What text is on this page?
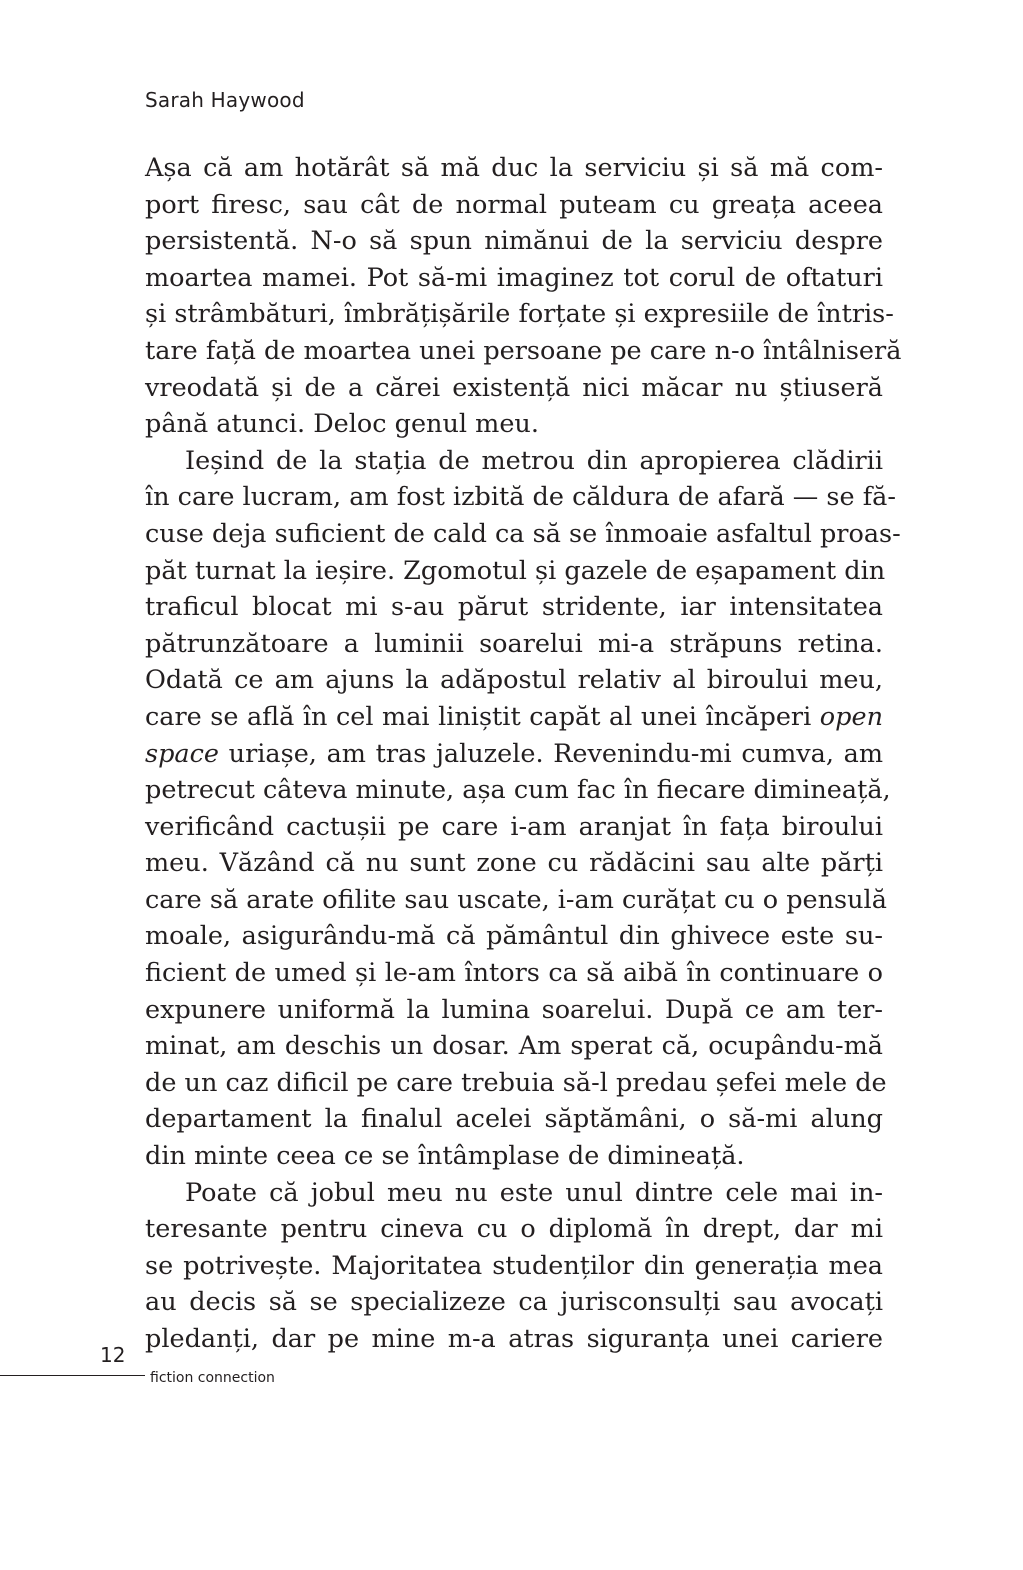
Sarah Haywood
Așa că am hotărât să mă duc la serviciu și să mă com-
port firesc, sau cât de normal puteam cu greața aceea
persistentă. N-o să spun nimănui de la serviciu despre
moartea mamei. Pot să-mi imaginez tot corul de oftaturi
și strâmbături, îmbrățișările forțate și expresiile de întris-
tare față de moartea unei persoane pe care n-o întâlniseră
vreodată și de a cărei existență nici măcar nu știuseră
până atunci. Deloc genul meu.
Ieșind de la stația de metrou din apropierea clădirii
în care lucram, am fost izbită de căldura de afară — se fă-
cuse deja suficient de cald ca să se înmoaie asfaltul proas-
păt turnat la ieșire. Zgomotul și gazele de eșapament din
traficul blocat mi s-au părut stridente, iar intensitatea
pătrunzătoare a luminii soarelui mi-a străpuns retina.
Odată ce am ajuns la adăpostul relativ al biroului meu,
care se află în cel mai liniștit capăt al unei încăperi open
space uriașe, am tras jaluzele. Revenindu-mi cumva, am
petrecut câteva minute, așa cum fac în fiecare dimineață,
verificând cactușii pe care i-am aranjat în fața biroului
meu. Văzând că nu sunt zone cu rădăcini sau alte părți
care să arate ofilite sau uscate, i-am curățat cu o pensulă
moale, asigurându-mă că pământul din ghivece este su-
ficient de umed și le-am întors ca să aibă în continuare o
expunere uniformă la lumina soarelui. După ce am ter-
minat, am deschis un dosar. Am sperat că, ocupându-mă
de un caz dificil pe care trebuia să-l predau șefei mele de
departament la finalul acelei săptămâni, o să-mi alung
din minte ceea ce se întâmplase de dimineață.
Poate că jobul meu nu este unul dintre cele mai in-
teresante pentru cineva cu o diplomă în drept, dar mi
se potrivește. Majoritatea studenților din generația mea
au decis să se specializeze ca jurisconsulți sau avocați
pledanți, dar pe mine m-a atras siguranța unei cariere
12
fiction connection
